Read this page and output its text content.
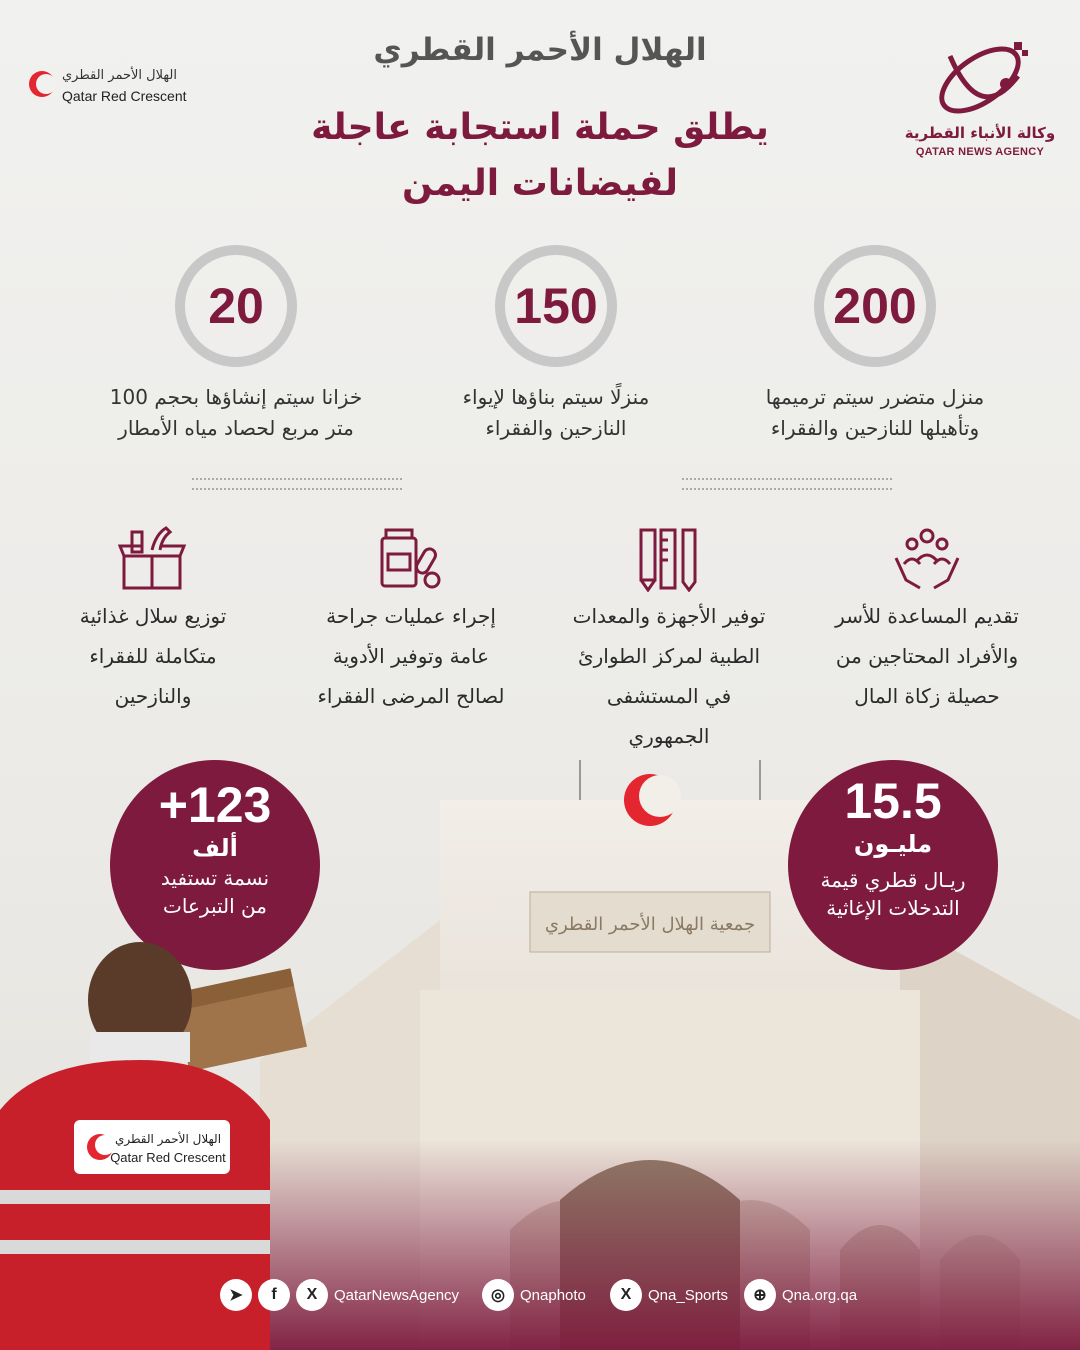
الهلال الأحمر القطري
Qatar Red Crescent
وكالة الأنباء القطرية
QATAR NEWS AGENCY
الهلال الأحمر القطري
يطلق حملة استجابة عاجلة
لفيضانات اليمن
200
150
20
منزل متضرر سيتم ترميمها
وتأهيلها للنازحين والفقراء
منزلًا سيتم بناؤها لإيواء
النازحين والفقراء
خزانا سيتم إنشاؤها بحجم 100
متر مربع لحصاد مياه الأمطار
تقديم المساعدة للأسر
والأفراد المحتاجين من
حصيلة زكاة المال
توفير الأجهزة والمعدات
الطبية لمركز الطوارئ
في المستشفى
الجمهوري
إجراء عمليات جراحة
عامة وتوفير الأدوية
لصالح المرضى الفقراء
توزيع سلال غذائية
متكاملة للفقراء
والنازحين
جمعية الهلال الأحمر القطري
+123
ألف
نسمة تستفيد
من التبرعات
15.5
مليـون
ريـال قطري قيمة
التدخلات الإغاثية
الهلال الأحمر القطري
Qatar Red Crescent
➤	f	X	QatarNewsAgency	◎	Qnaphoto	X	Qna_Sports	⊕	Qna.org.qa
